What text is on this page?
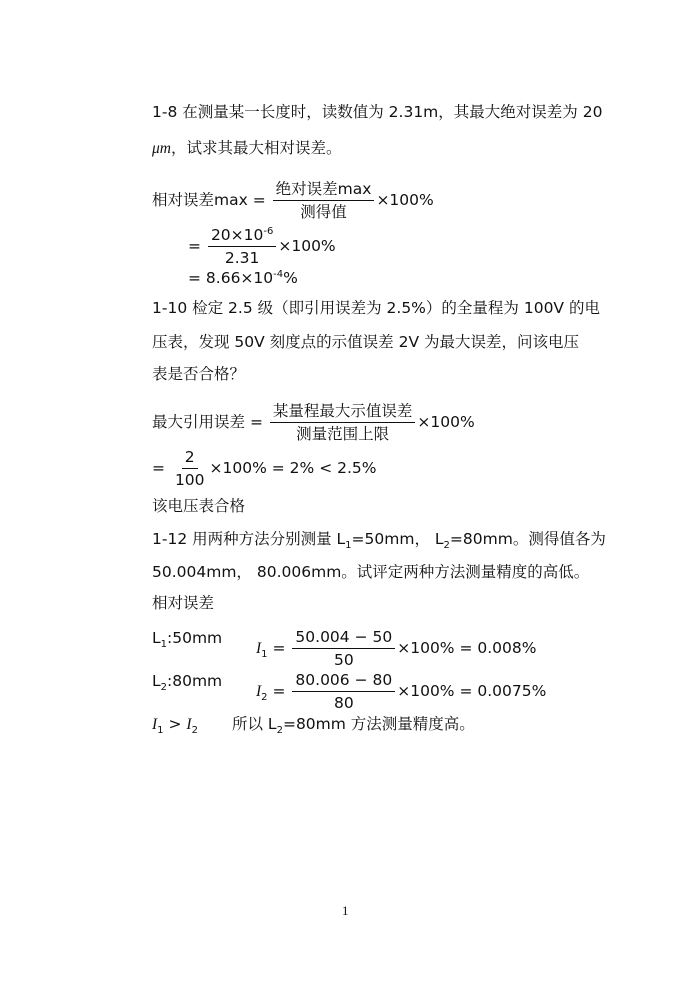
1-8 在测量某一长度时，读数值为 2.31m，其最大绝对误差为 20
μm，试求其最大相对误差。
相对误差$\max = \frac{\text{绝对误差max}}{\text{测得值}} \times 100\%$
= $\frac{20\times 10^{-6}}{2.31} \times 100\%$
= $8.66\times 10^{-4}\%$
1-10 检定 2.5 级（即引用误差为 2.5%）的全量程为 100V 的电
压表，发现 50V 刻度点的示值误差 2V 为最大误差，问该电压
表是否合格？
最大引用误差 = $\frac{\text{某量程最大示值误差}}{\text{测量范围上限}} \times 100\%$
= $\frac{2}{100} \times 100\% = 2\% < 2.5\%$
该电压表合格
1-12 用两种方法分别测量 $L_1=50mm$， $L_2=80mm$。测得值各为
50.004mm， 80.006mm。试评定两种方法测量精度的高低。
相对误差
$L_1:50mm$
$I_1 = \frac{50.004 - 50}{50} \times 100\% = 0.008\%$
$L_2:80mm$
$I_2 = \frac{80.006 - 80}{80} \times 100\% = 0.0075\%$
$I_1 > I_2$ 所以 $L_2=80mm$ 方法测量精度高。
1
